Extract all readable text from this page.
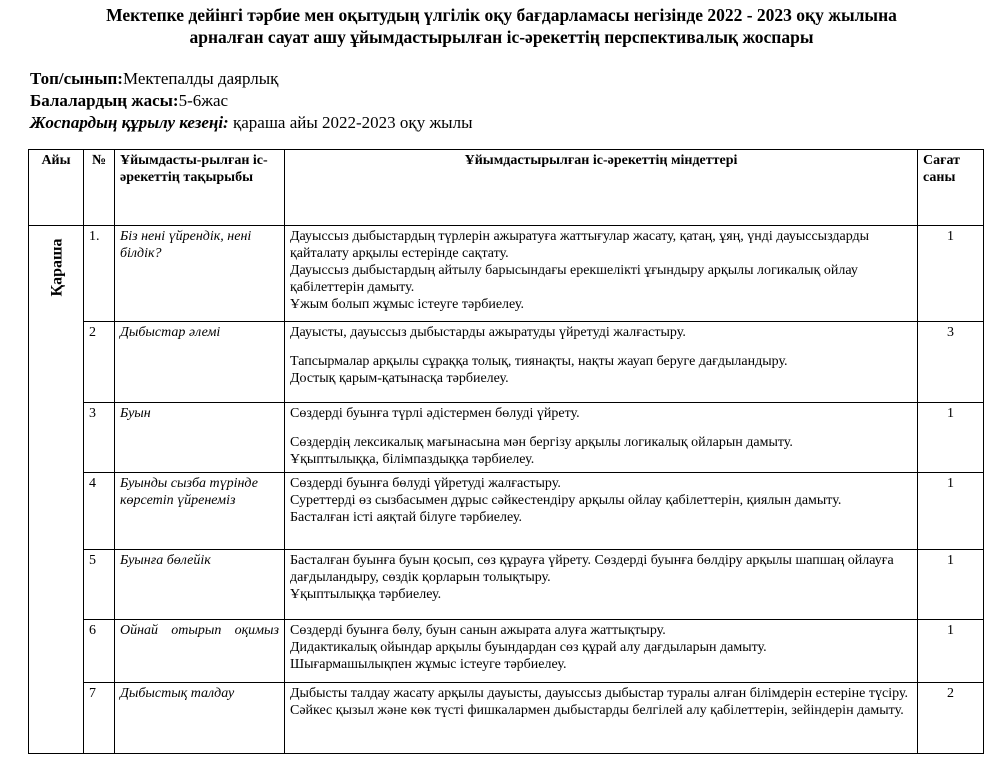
Мектепке дейінгі тәрбие мен оқытудың үлгілік оқу бағдарламасы негізінде 2022 - 2023 оқу жылына
арналған сауат ашу ұйымдастырылған іс-әрекеттің перспективалық жоспары
Топ/сынып:Мектепалды даярлық
Балалардың жасы:5-6жас
Жоспардың құрылу кезеңі: қараша айы 2022-2023 оқу жылы
Айы	№	Ұйымдасты-рылған іс-әрекеттің тақырыбы	Ұйымдастырылған іс-әрекеттің міндеттері	Сағат саны

Қараша	1.	Біз нені үйрендік, нені білдік?	Дауыссыз дыбыстардың түрлерін ажыратуға жаттығулар жасату, қатаң, ұяң, үнді дауыссыздарды қайталату арқылы естерінде сақтату.

Дауыссыз дыбыстардың айтылу барысындағы ерекшелікті ұғындыру арқылы логикалық ойлау қабілеттерін дамыту.

Ұжым болып жұмыс істеуге тәрбиелеу.	1
	2	Дыбыстар әлемі	Дауысты, дауыссыз дыбыстарды ажыратуды үйретуді жалғастыру.

Тапсырмалар арқылы сұраққа толық, тиянақты, нақты жауап беруге дағдыландыру.

Достық қарым-қатынасқа тәрбиелеу.	3
	3	Буын	Сөздерді буынға түрлі әдістермен бөлуді үйрету.

Сөздердің лексикалық мағынасына мән бергізу арқылы логикалық ойларын дамыту.

Ұқыптылыққа, білімпаздыққа тәрбиелеу.	1
	4	Буынды сызба түрінде көрсетіп үйренеміз	Сөздерді буынға бөлуді үйретуді жалғастыру.

Суреттерді өз сызбасымен дұрыс сәйкестендіру арқылы ойлау қабілеттерін, қиялын дамыту.

Басталған істі аяқтай білуге тәрбиелеу.	1
	5	Буынға бөлейік	Басталған буынға буын қосып, сөз құрауға үйрету. Сөздерді буынға бөлдіру арқылы шапшаң ойлауға дағдыландыру, сөздік қорларын толықтыру.

Ұқыптылыққа тәрбиелеу.	1
	6	Ойнай отырып оқимыз	Сөздерді буынға бөлу, буын санын ажырата алуға жаттықтыру.

Дидактикалық ойындар арқылы буындардан сөз құрай алу дағдыларын дамыту.

Шығармашылықпен жұмыс істеуге тәрбиелеу.	1
	7	Дыбыстық талдау	Дыбысты талдау жасату арқылы дауысты, дауыссыз дыбыстар туралы алған білімдерін естеріне түсіру.

Сәйкес қызыл және көк түсті фишкалармен дыбыстарды белгілей алу қабілеттерін, зейіндерін дамыту.	2
